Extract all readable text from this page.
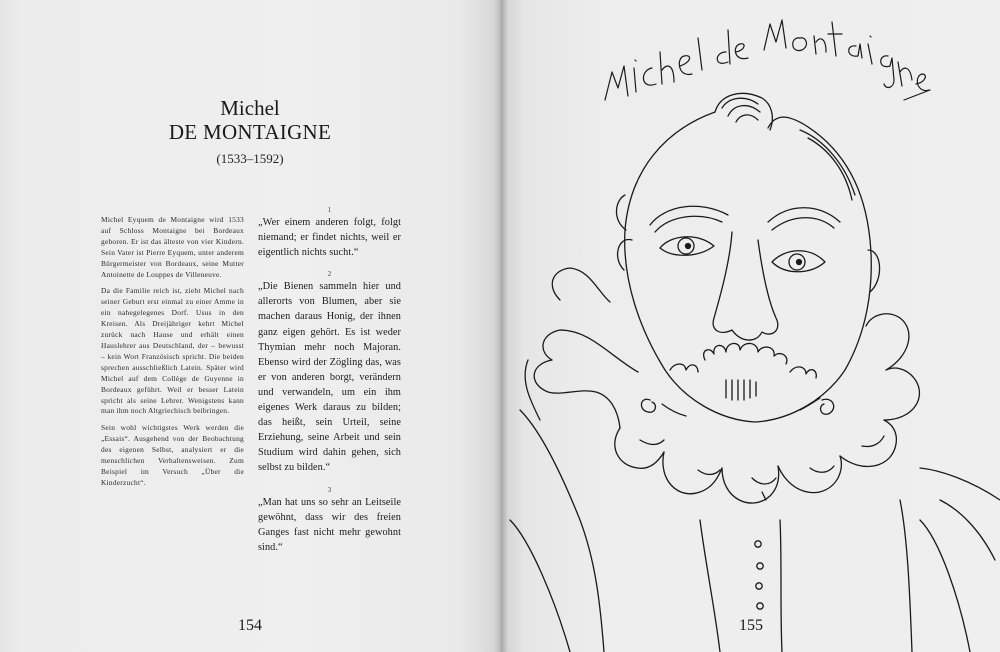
Michel
DE MONTAIGNE
(1533–1592)

Michel Eyquem de Montaigne wird 1533 auf Schloss Montaigne bei Bordeaux geboren. Er ist das älteste von vier Kindern. Sein Vater ist Pierre Eyquem, unter anderem Bürgermeister von Bordeaux, seine Mutter Antoinette de Louppes de Villeneuve.

Da die Familie reich ist, zieht Michel nach seiner Geburt erst einmal zu einer Amme in ein nahegelegenes Dorf. Usus in den Kreisen. Als Dreijähriger kehrt Michel zurück nach Hause und erhält einen Hauslehrer aus Deutschland, der – bewusst – kein Wort Französisch spricht. Die beiden sprechen ausschließlich Latein. Später wird Michel auf dem Collège de Guyenne in Bordeaux geführt. Weil er besser Latein spricht als seine Lehrer. Wenigstens kann man ihm noch Altgriechisch beibringen.

Sein wohl wichtigstes Werk werden die „Essais“. Ausgehend von der Beobachtung des eigenen Selbst, analysiert er die menschlichen Verhaltensweisen. Zum Beispiel im Versuch „Über die Kinderzucht“.

1

„Wer einem anderen folgt, folgt niemand; er findet nichts, weil er eigentlich nichts sucht.“

2

„Die Bienen sammeln hier und allerorts von Blumen, aber sie machen daraus Honig, der ihnen ganz eigen gehört. Es ist weder Thymian mehr noch Majoran. Ebenso wird der Zögling das, was er von anderen borgt, verändern und verwandeln, um ein ihm eigenes Werk daraus zu bilden; das heißt, sein Urteil, seine Erziehung, seine Arbeit und sein Studium wird dahin gehen, sich selbst zu bilden.“

3

„Man hat uns so sehr an Leitseile gewöhnt, dass wir des freien Ganges fast nicht mehr gewohnt sind.“

154	155
